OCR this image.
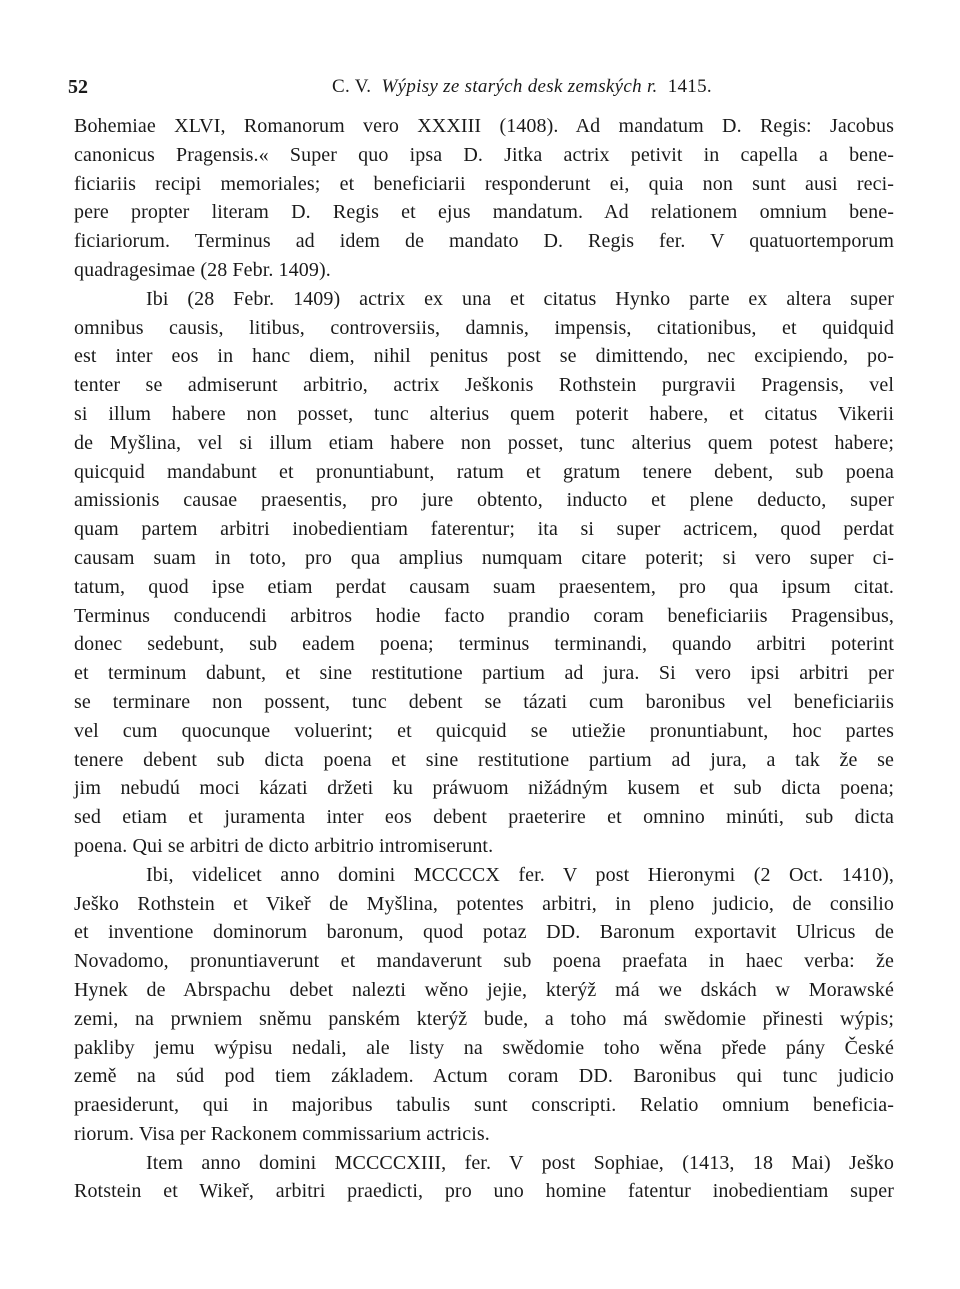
52	C. V. Wýpisy ze starých desk zemských r. 1415.
Bohemiae XLVI, Romanorum vero XXXIII (1408). Ad mandatum D. Regis: Jacobus
canonicus Pragensis.« Super quo ipsa D. Jitka actrix petivit in capella a bene-
ficiariis recipi memoriales; et beneficiarii responderunt ei, quia non sunt ausi reci-
pere propter literam D. Regis et ejus mandatum. Ad relationem omnium bene-
ficiariorum. Terminus ad idem de mandato D. Regis fer. V quatuortemporum
quadragesimae (28 Febr. 1409).
Ibi (28 Febr. 1409) actrix ex una et citatus Hynko parte ex altera super
omnibus causis, litibus, controversiis, damnis, impensis, citationibus, et quidquid
est inter eos in hanc diem, nihil penitus post se dimittendo, nec excipiendo, po-
tenter se admiserunt arbitrio, actrix Ješkonis Rothstein purgravii Pragensis, vel
si illum habere non posset, tunc alterius quem poterit habere, et citatus Vikerii
de Myšlina, vel si illum etiam habere non posset, tunc alterius quem potest habere;
quicquid mandabunt et pronuntiabunt, ratum et gratum tenere debent, sub poena
amissionis causae praesentis, pro jure obtento, inducto et plene deducto, super
quam partem arbitri inobedientiam faterentur; ita si super actricem, quod perdat
causam suam in toto, pro qua amplius numquam citare poterit; si vero super ci-
tatum, quod ipse etiam perdat causam suam praesentem, pro qua ipsum citat.
Terminus conducendi arbitros hodie facto prandio coram beneficiariis Pragensibus,
donec sedebunt, sub eadem poena; terminus terminandi, quando arbitri poterint
et terminum dabunt, et sine restitutione partium ad jura. Si vero ipsi arbitri per
se terminare non possent, tunc debent se tázati cum baronibus vel beneficiariis
vel cum quocunque voluerint; et quicquid se utiežie pronuntiabunt, hoc partes
tenere debent sub dicta poena et sine restitutione partium ad jura, a tak že se
jim nebudú moci kázati držeti ku práwuom nižádným kusem et sub dicta poena;
sed etiam et juramenta inter eos debent praeterire et omnino minúti, sub dicta
poena. Qui se arbitri de dicto arbitrio intromiserunt.
Ibi, videlicet anno domini MCCCCX fer. V post Hieronymi (2 Oct. 1410),
Ješko Rothstein et Vikeř de Myšlina, potentes arbitri, in pleno judicio, de consilio
et inventione dominorum baronum, quod potaz DD. Baronum exportavit Ulricus de
Novadomo, pronuntiaverunt et mandaverunt sub poena praefata in haec verba: že
Hynek de Abrspachu debet nalezti wěno jejie, kterýž má we dskách w Morawské
zemi, na prwniem sněmu panském kterýž bude, a toho má swědomie přinesti wýpis;
pakliby jemu wýpisu nedali, ale listy na swědomie toho wěna přede pány České
země na súd pod tiem základem. Actum coram DD. Baronibus qui tunc judicio
praesiderunt, qui in majoribus tabulis sunt conscripti. Relatio omnium beneficia-
riorum. Visa per Rackonem commissarium actricis.
Item anno domini MCCCCXIII, fer. V post Sophiae, (1413, 18 Mai) Ješko
Rotstein et Wikeř, arbitri praedicti, pro uno homine fatentur inobedientiam super
